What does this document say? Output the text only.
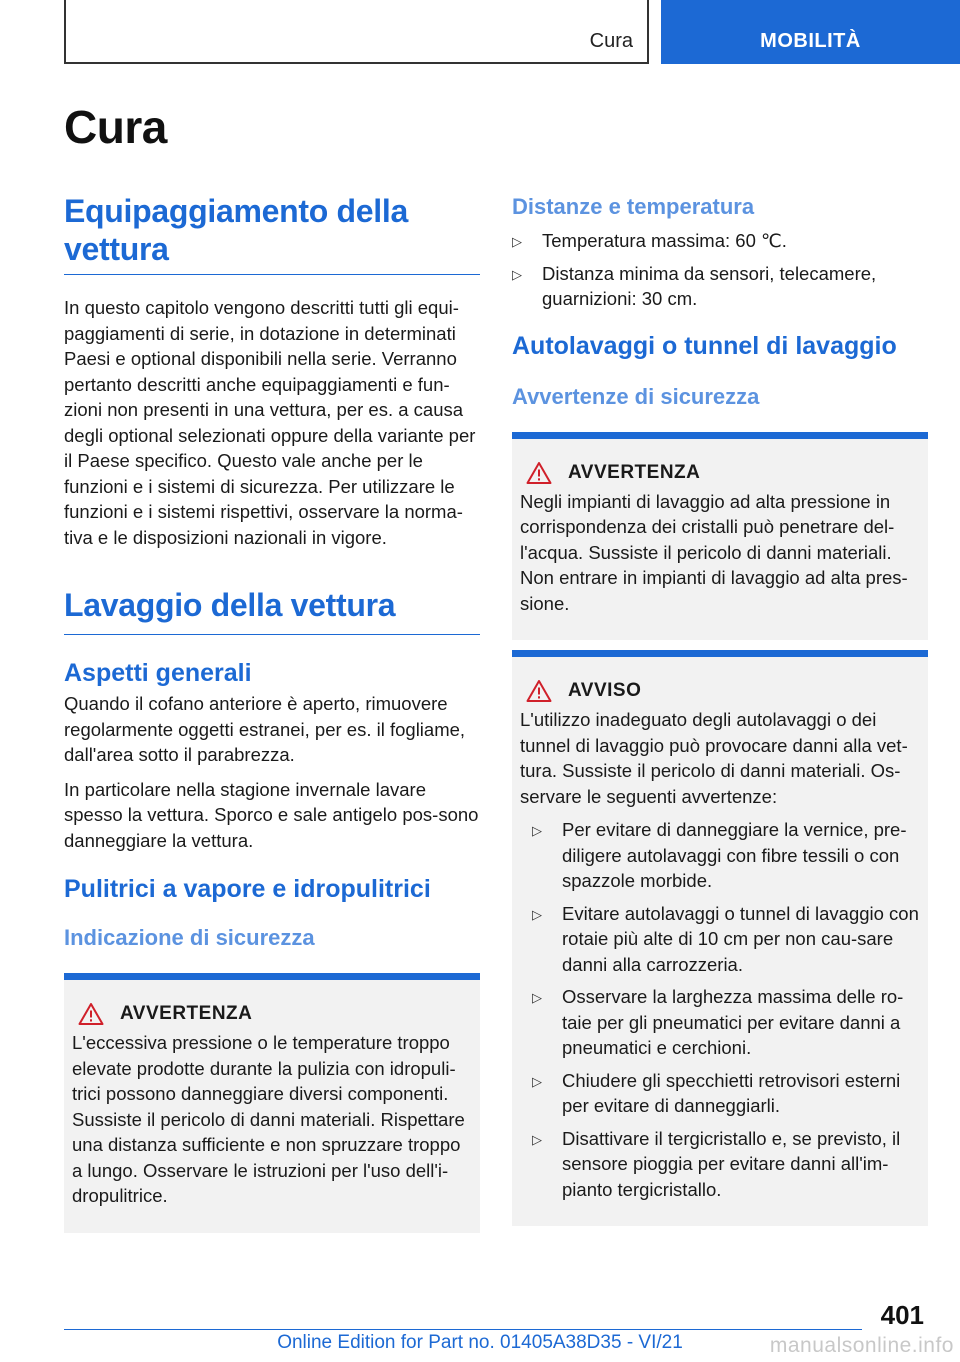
Cura	MOBILITÀ
Cura
Equipaggiamento della vettura

In questo capitolo vengono descritti tutti gli equi-paggiamenti di serie, in dotazione in determinati Paesi e optional disponibili nella serie. Verranno pertanto descritti anche equipaggiamenti e fun-zioni non presenti in una vettura, per es. a causa degli optional selezionati oppure della variante per il Paese specifico. Questo vale anche per le funzioni e i sistemi di sicurezza. Per utilizzare le funzioni e i sistemi rispettivi, osservare la norma-tiva e le disposizioni nazionali in vigore.

Lavaggio della vettura
Aspetti generali

Quando il cofano anteriore è aperto, rimuovere regolarmente oggetti estranei, per es. il fogliame, dall'area sotto il parabrezza.

In particolare nella stagione invernale lavare spesso la vettura. Sporco e sale antigelo pos-sono danneggiare la vettura.

Pulitrici a vapore e idropulitrici
Indicazione di sicurezza
AVVERTENZA

L'eccessiva pressione o le temperature troppo elevate prodotte durante la pulizia con idropuli-trici possono danneggiare diversi componenti. Sussiste il pericolo di danni materiali. Rispettare una distanza sufficiente e non spruzzare troppo a lungo. Osservare le istruzioni per l'uso dell'i-dropulitrice.

Distanze e temperatura
▷ Temperatura massima: 60 ℃.
▷ Distanza minima da sensori, telecamere, guarnizioni: 30 cm.
Autolavaggi o tunnel di lavaggio
Avvertenze di sicurezza
AVVERTENZA

Negli impianti di lavaggio ad alta pressione in corrispondenza dei cristalli può penetrare del-l'acqua. Sussiste il pericolo di danni materiali. Non entrare in impianti di lavaggio ad alta pres-sione.

AVVISO

L'utilizzo inadeguato degli autolavaggi o dei tunnel di lavaggio può provocare danni alla vet-tura. Sussiste il pericolo di danni materiali. Os-servare le seguenti avvertenze:

▷ Per evitare di danneggiare la vernice, pre-diligere autolavaggi con fibre tessili o con spazzole morbide.
▷ Evitare autolavaggi o tunnel di lavaggio con rotaie più alte di 10 cm per non cau-sare danni alla carrozzeria.
▷ Osservare la larghezza massima delle ro-taie per gli pneumatici per evitare danni a pneumatici e cerchioni.
▷ Chiudere gli specchietti retrovisori esterni per evitare di danneggiarli.
▷ Disattivare il tergicristallo e, se previsto, il sensore pioggia per evitare danni all'im-pianto tergicristallo.
401
Online Edition for Part no. 01405A38D35 - VI/21	manualsonline.info
